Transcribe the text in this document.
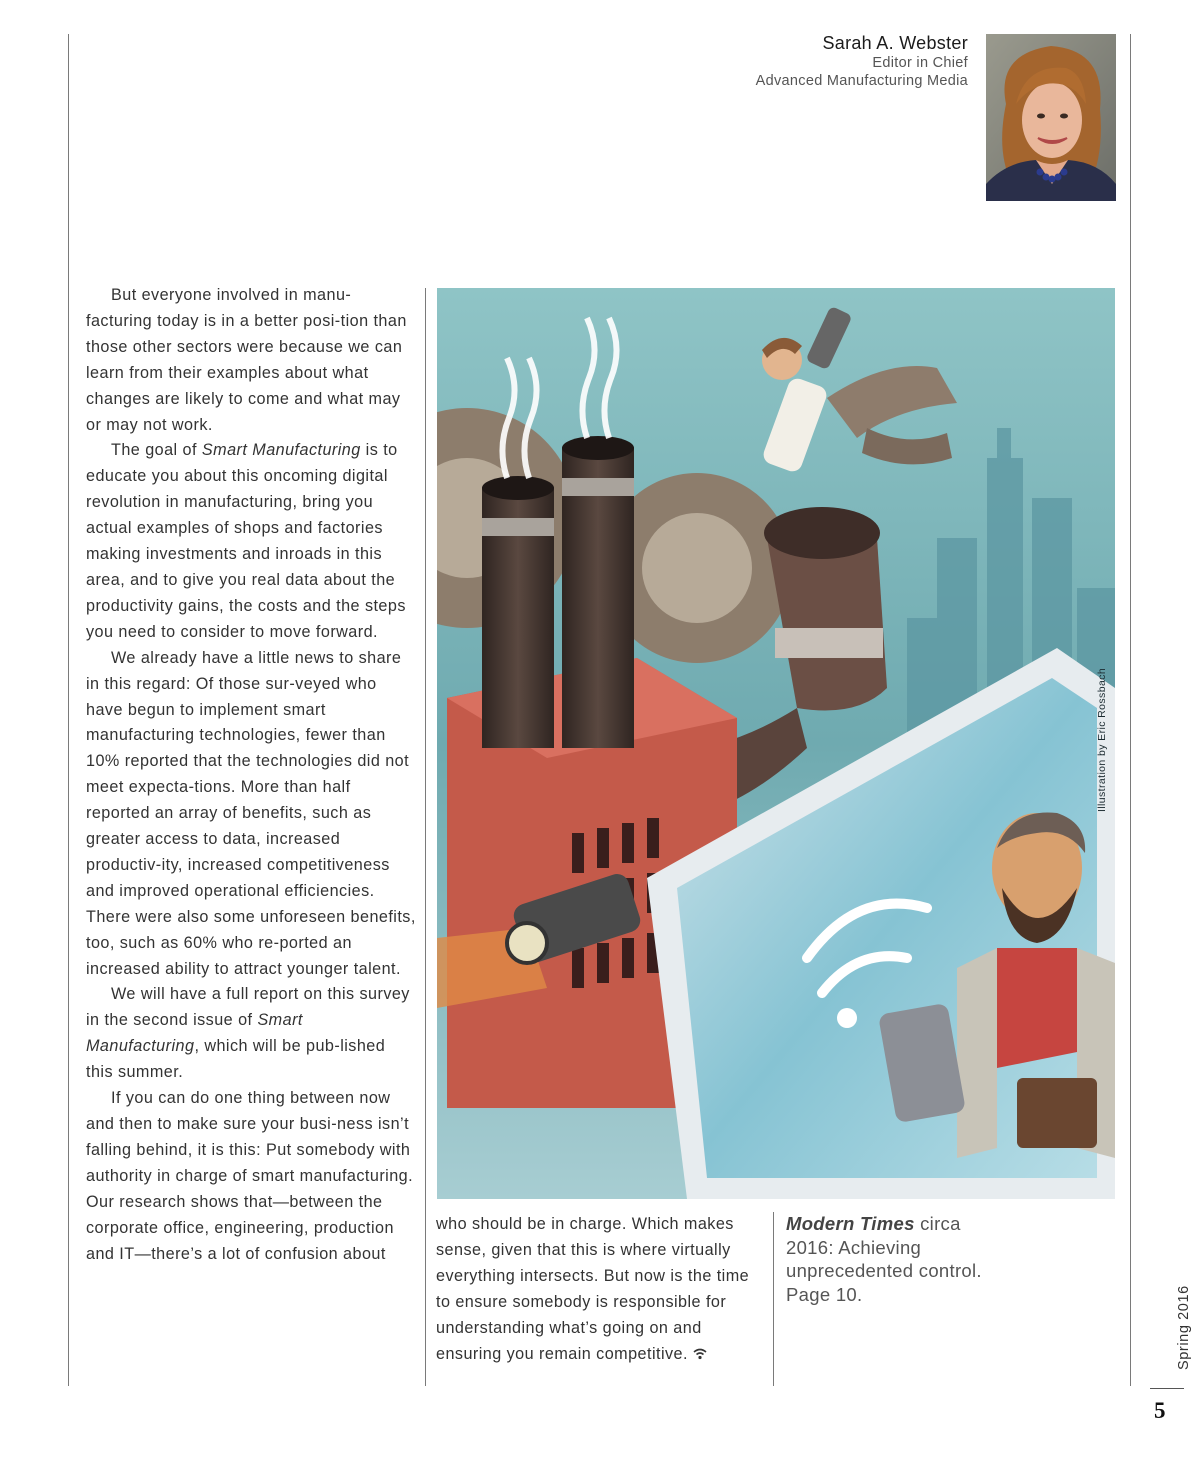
Sarah A. Webster
Editor in Chief
Advanced Manufacturing Media

But everyone involved in manu-facturing today is in a better posi-tion than those other sectors were because we can learn from their examples about what changes are likely to come and what may or may not work.

The goal of Smart Manufacturing is to educate you about this oncoming digital revolution in manufacturing, bring you actual examples of shops and factories making investments and inroads in this area, and to give you real data about the productivity gains, the costs and the steps you need to consider to move forward.

We already have a little news to share in this regard: Of those sur-veyed who have begun to implement smart manufacturing technologies, fewer than 10% reported that the technologies did not meet expecta-tions. More than half reported an array of benefits, such as greater access to data, increased productiv-ity, increased competitiveness and improved operational efficiencies. There were also some unforeseen benefits, too, such as 60% who re-ported an increased ability to attract younger talent.

We will have a full report on this survey in the second issue of Smart Manufacturing, which will be pub-lished this summer.

If you can do one thing between now and then to make sure your busi-ness isn’t falling behind, it is this: Put somebody with authority in charge of smart manufacturing. Our research shows that—between the corporate office, engineering, production and IT—there’s a lot of confusion about

who should be in charge. Which makes sense, given that this is where virtually everything intersects. But now is the time to ensure somebody is responsible for understanding what’s going on and ensuring you remain competitive.

Illustration by Eric Rossbach
Modern Times circa 2016: Achieving unprecedented control. Page 10.	Spring 2016
5
